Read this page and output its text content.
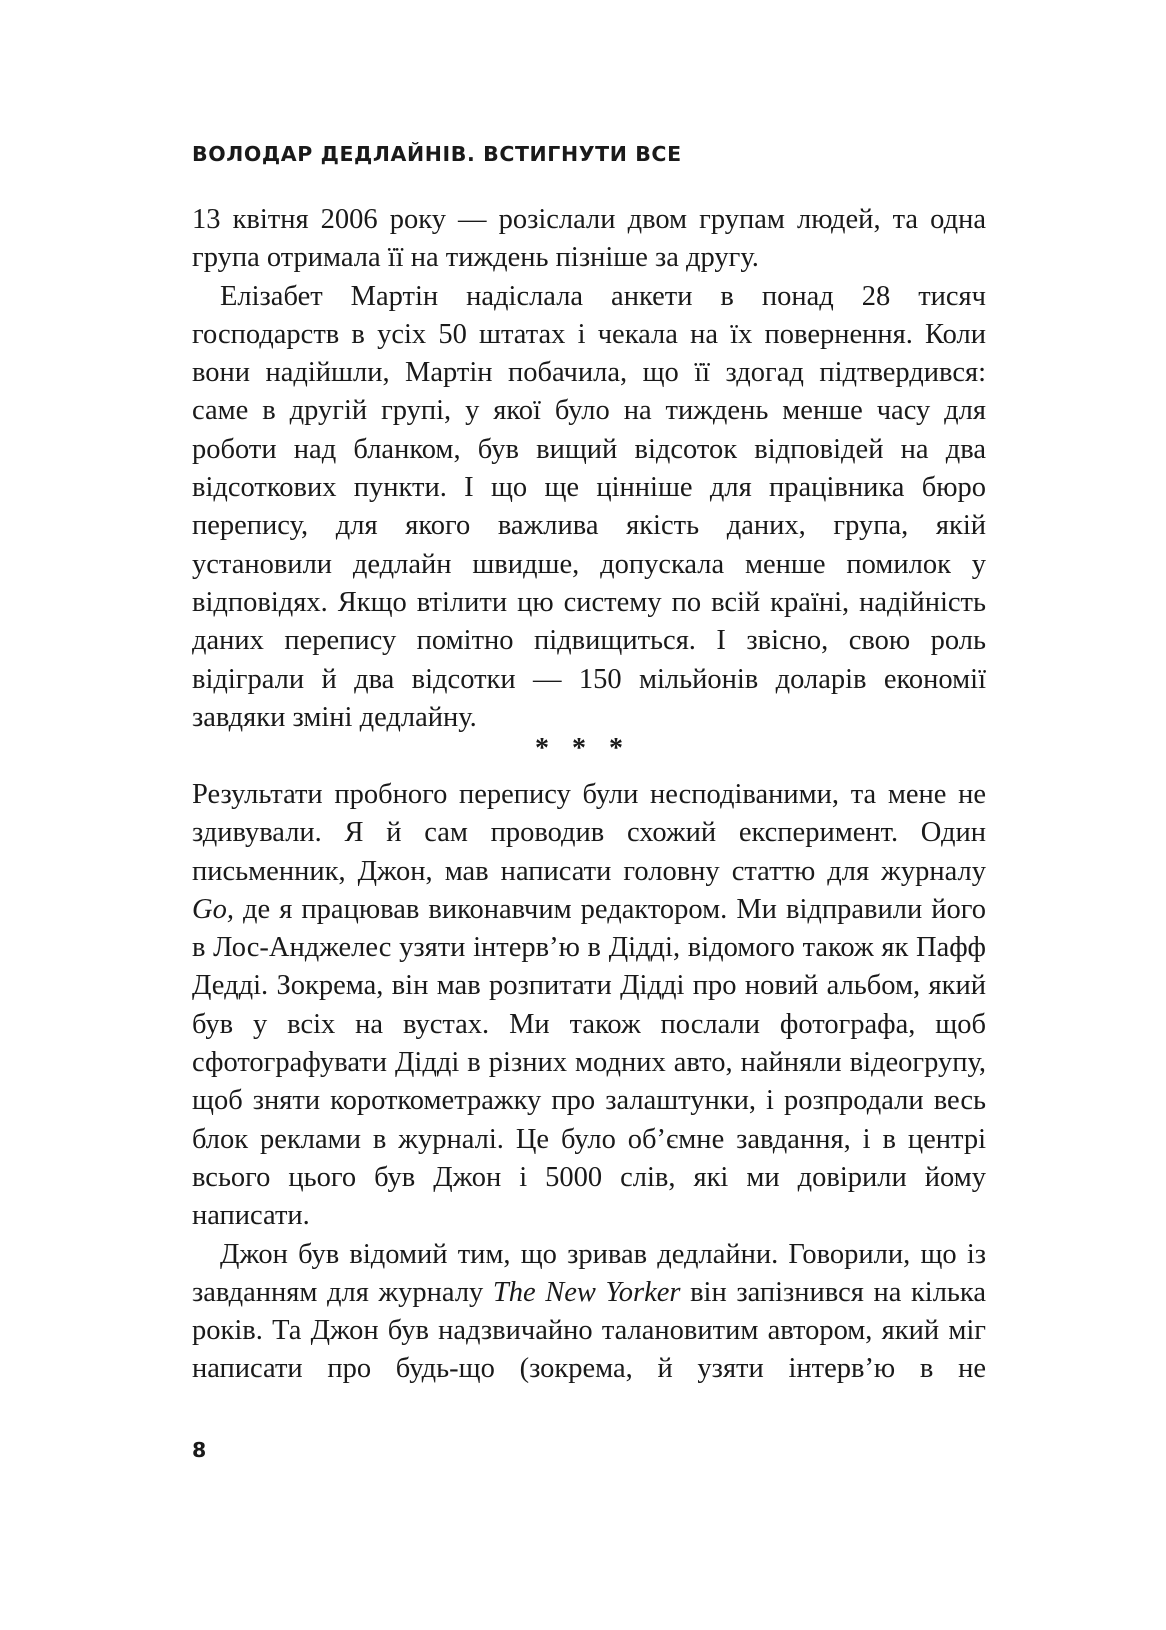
ВОЛОДАР ДЕДЛАЙНІВ. ВСТИГНУТИ ВСЕ

13 квітня 2006 року — розіслали двом групам людей, та одна група отримала її на тиждень пізніше за другу.

Елізабет Мартін надіслала анкети в понад 28 тисяч господарств в усіх 50 штатах і чекала на їх повернення. Коли вони надійшли, Мартін побачила, що її здогад підтвердився: саме в другій групі, у якої було на тиждень менше часу для роботи над бланком, був вищий відсоток відповідей на два відсоткових пункти. І що ще цінніше для працівника бюро перепису, для якого важлива якість даних, група, якій установили дедлайн швидше, допускала менше помилок у відповідях. Якщо втілити цю систему по всій країні, надійність даних перепису помітно підвищиться. І звісно, свою роль відіграли й два відсотки — 150 мільйонів доларів економії завдяки зміні дедлайну.

* * *

Результати пробного перепису були несподіваними, та мене не здивували. Я й сам проводив схожий експеримент. Один письменник, Джон, мав написати головну статтю для журналу Go, де я працював виконавчим редактором. Ми відправили його в Лос-Анджелес узяти інтерв’ю в Дідді, відомого також як Пафф Дедді. Зокрема, він мав розпитати Дідді про новий альбом, який був у всіх на вустах. Ми також послали фотографа, щоб сфотографувати Дідді в різних модних авто, найняли відеогрупу, щоб зняти короткометражку про залаштунки, і розпродали весь блок реклами в журналі. Це було об’ємне завдання, і в центрі всього цього був Джон і 5000 слів, які ми довірили йому написати.

Джон був відомий тим, що зривав дедлайни. Говорили, що із завданням для журналу The New Yorker він запізнився на кілька років. Та Джон був надзвичайно талановитим автором, який міг написати про будь-що (зокрема, й узяти інтерв’ю в не

8
